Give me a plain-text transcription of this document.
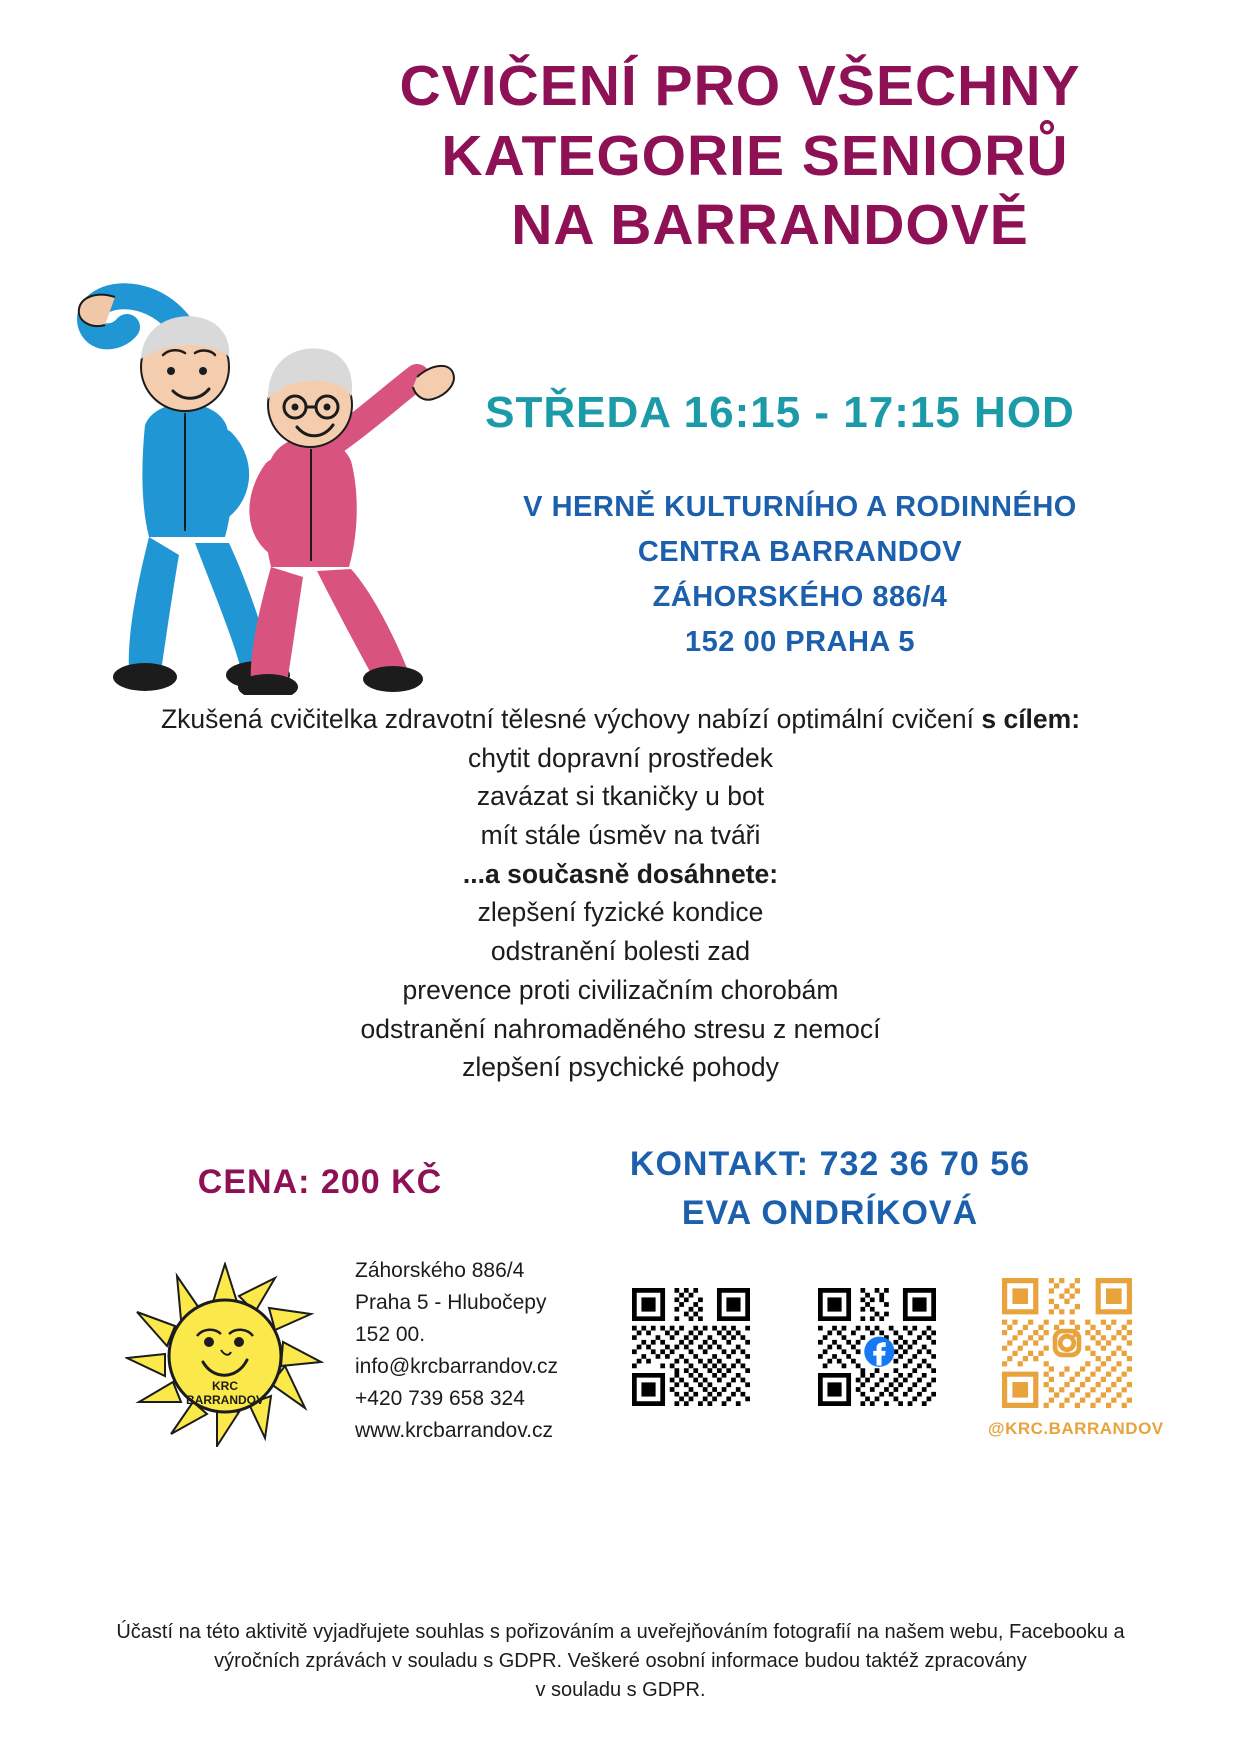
CVIČENÍ PRO VŠECHNY
KATEGORIE SENIORŮ
NA BARRANDOVĚ
STŘEDA 16:15 - 17:15 HOD
V HERNĚ KULTURNÍHO A RODINNÉHO
CENTRA BARRANDOV
ZÁHORSKÉHO 886/4
152 00 PRAHA 5
Zkušená cvičitelka zdravotní tělesné výchovy nabízí optimální cvičení s cílem:
chytit dopravní prostředek
zavázat si tkaničky u bot
mít stále úsměv na tváři
...a současně dosáhnete:
zlepšení fyzické kondice
odstranění bolesti zad
prevence proti civilizačním chorobám
odstranění nahromaděného stresu z nemocí
zlepšení psychické pohody
CENA: 200 KČ	KONTAKT: 732 36 70 56
EVA ONDRÍKOVÁ
KRC
BARRANDOV
Záhorského 886/4
Praha 5 - Hlubočepy
152 00.
info@krcbarrandov.cz
+420 739 658 324
www.krcbarrandov.cz	@KRC.BARRANDOV
Účastí na této aktivitě vyjadřujete souhlas s pořizováním a uveřejňováním fotografií na našem webu, Facebooku a
výročních zprávách v souladu s GDPR. Veškeré osobní informace budou taktéž zpracovány
v souladu s GDPR.
